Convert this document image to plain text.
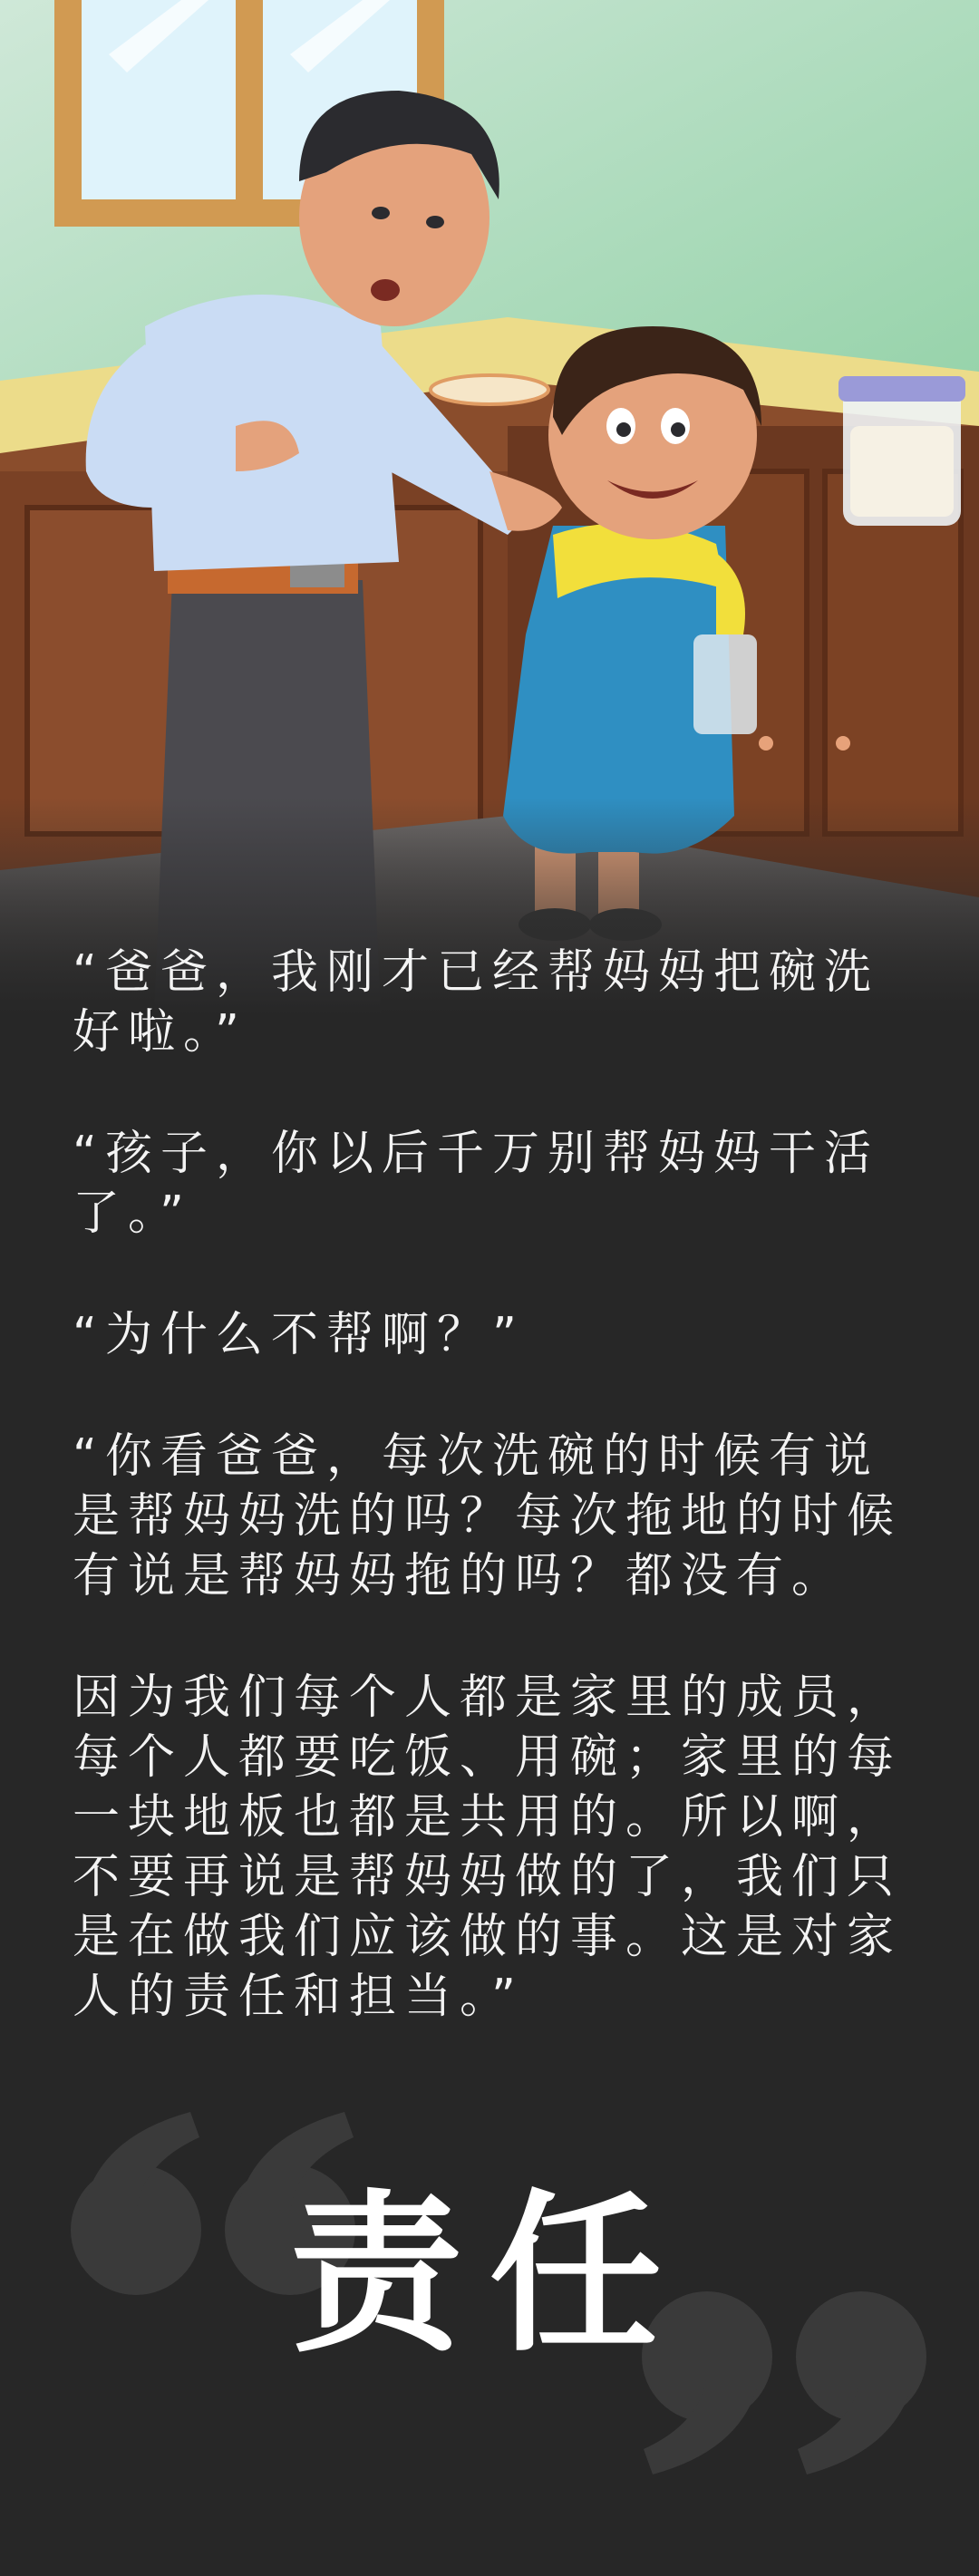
“爸爸，我刚才已经帮妈妈把碗洗好啦。”

“孩子，你以后千万别帮妈妈干活了。”

“为什么不帮啊？”

“你看爸爸，每次洗碗的时候有说是帮妈妈洗的吗？每次拖地的时候有说是帮妈妈拖的吗？都没有。

因为我们每个人都是家里的成员，每个人都要吃饭、用碗；家里的每一块地板也都是共用的。所以啊，不要再说是帮妈妈做的了，我们只是在做我们应该做的事。这是对家人的责任和担当。”

责任
